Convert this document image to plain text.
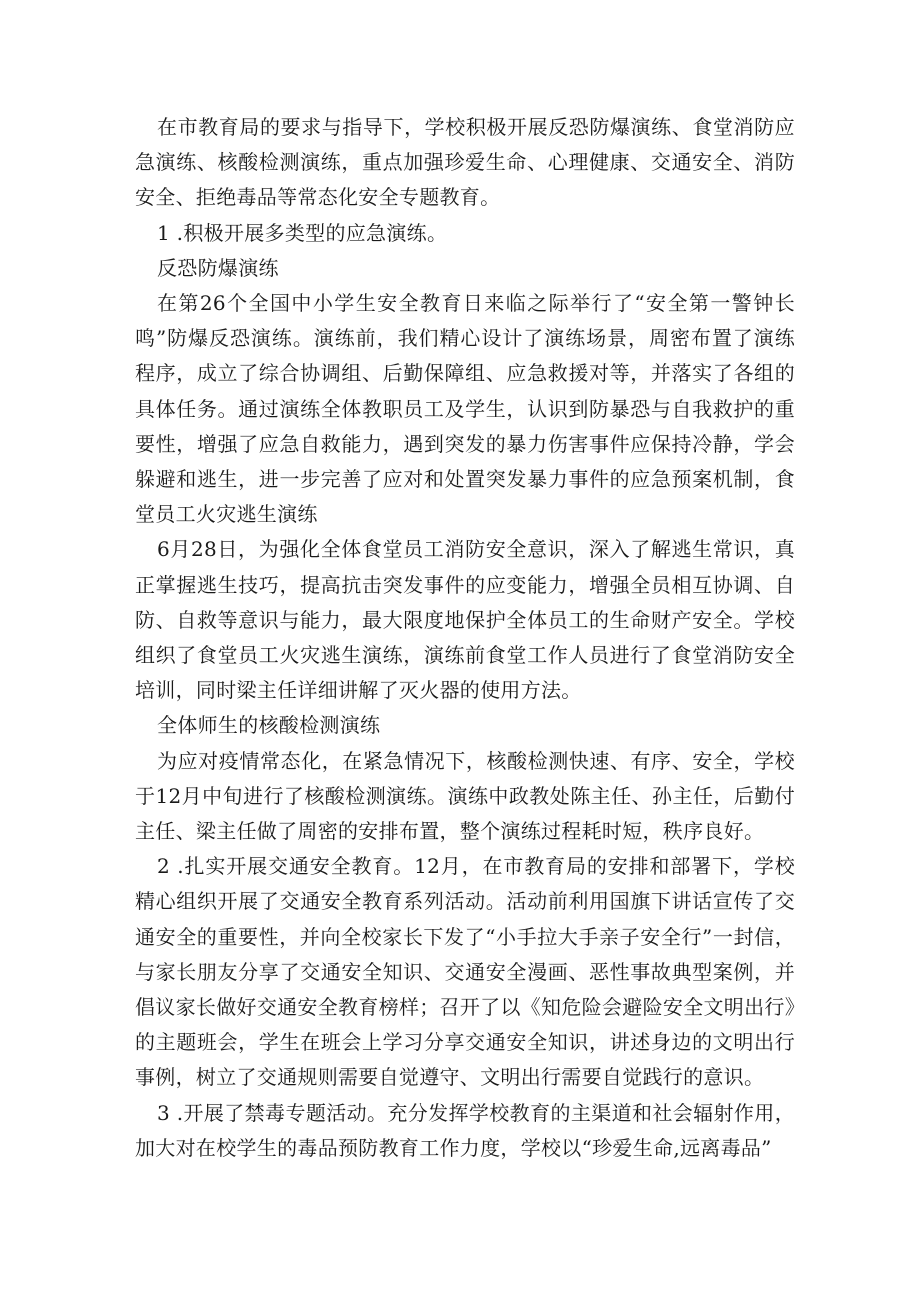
在市教育局的要求与指导下，学校积极开展反恐防爆演练、食堂消防应急演练、核酸检测演练，重点加强珍爱生命、心理健康、交通安全、消防安全、拒绝毒品等常态化安全专题教育。

1 .积极开展多类型的应急演练。

反恐防爆演练

在第26个全国中小学生安全教育日来临之际举行了“安全第一警钟长鸣”防爆反恐演练。演练前，我们精心设计了演练场景，周密布置了演练程序，成立了综合协调组、后勤保障组、应急救援对等，并落实了各组的具体任务。通过演练全体教职员工及学生，认识到防暴恐与自我救护的重要性，增强了应急自救能力，遇到突发的暴力伤害事件应保持冷静，学会躲避和逃生，进一步完善了应对和处置突发暴力事件的应急预案机制，食堂员工火灾逃生演练

6月28日，为强化全体食堂员工消防安全意识，深入了解逃生常识，真正掌握逃生技巧，提高抗击突发事件的应变能力，增强全员相互协调、自防、自救等意识与能力，最大限度地保护全体员工的生命财产安全。学校组织了食堂员工火灾逃生演练，演练前食堂工作人员进行了食堂消防安全培训，同时梁主任详细讲解了灭火器的使用方法。

全体师生的核酸检测演练

为应对疫情常态化，在紧急情况下，核酸检测快速、有序、安全，学校于12月中旬进行了核酸检测演练。演练中政教处陈主任、孙主任，后勤付主任、梁主任做了周密的安排布置，整个演练过程耗时短，秩序良好。

2 .扎实开展交通安全教育。12月，在市教育局的安排和部署下，学校精心组织开展了交通安全教育系列活动。活动前利用国旗下讲话宣传了交通安全的重要性，并向全校家长下发了“小手拉大手亲子安全行”一封信，与家长朋友分享了交通安全知识、交通安全漫画、恶性事故典型案例，并倡议家长做好交通安全教育榜样；召开了以《知危险会避险安全文明出行》的主题班会，学生在班会上学习分享交通安全知识，讲述身边的文明出行事例，树立了交通规则需要自觉遵守、文明出行需要自觉践行的意识。

3 .开展了禁毒专题活动。充分发挥学校教育的主渠道和社会辐射作用，加大对在校学生的毒品预防教育工作力度，学校以“珍爱生命,远离毒品”
